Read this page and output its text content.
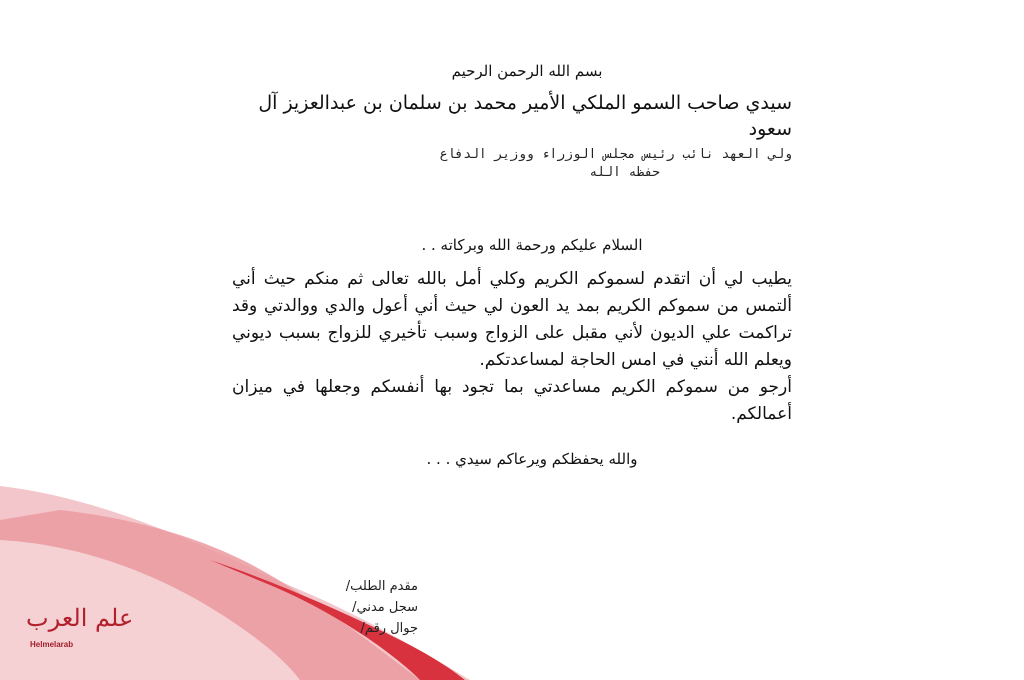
بسم الله الرحمن الرحيم
سيدي صاحب السمو الملكي الأمير محمد بن سلمان بن عبدالعزيز آل سعود
ولي العهد نائب رئيس مجلس الوزراء ووزير الدفاع
حفظه الله
السلام عليكم ورحمة الله وبركاته . .
يطيب لي أن اتقدم لسموكم الكريم وكلي أمل بالله تعالى ثم منكم حيث أني ألتمس من سموكم الكريم بمد يد العون لي حيث أني أعول والدي ووالدتي وقد تراكمت علي الديون لأني مقبل على الزواج وسبب تأخيري للزواج بسبب ديوني ويعلم الله أنني في امس الحاجة لمساعدتكم.
أرجو من سموكم الكريم مساعدتي بما تجود بها أنفسكم وجعلها في ميزان أعمالكم.
والله يحفظكم ويرعاكم سيدي . . .
مقدم الطلب/
سجل مدني/
جوال رقم/
علم العرب
Helmelarab
